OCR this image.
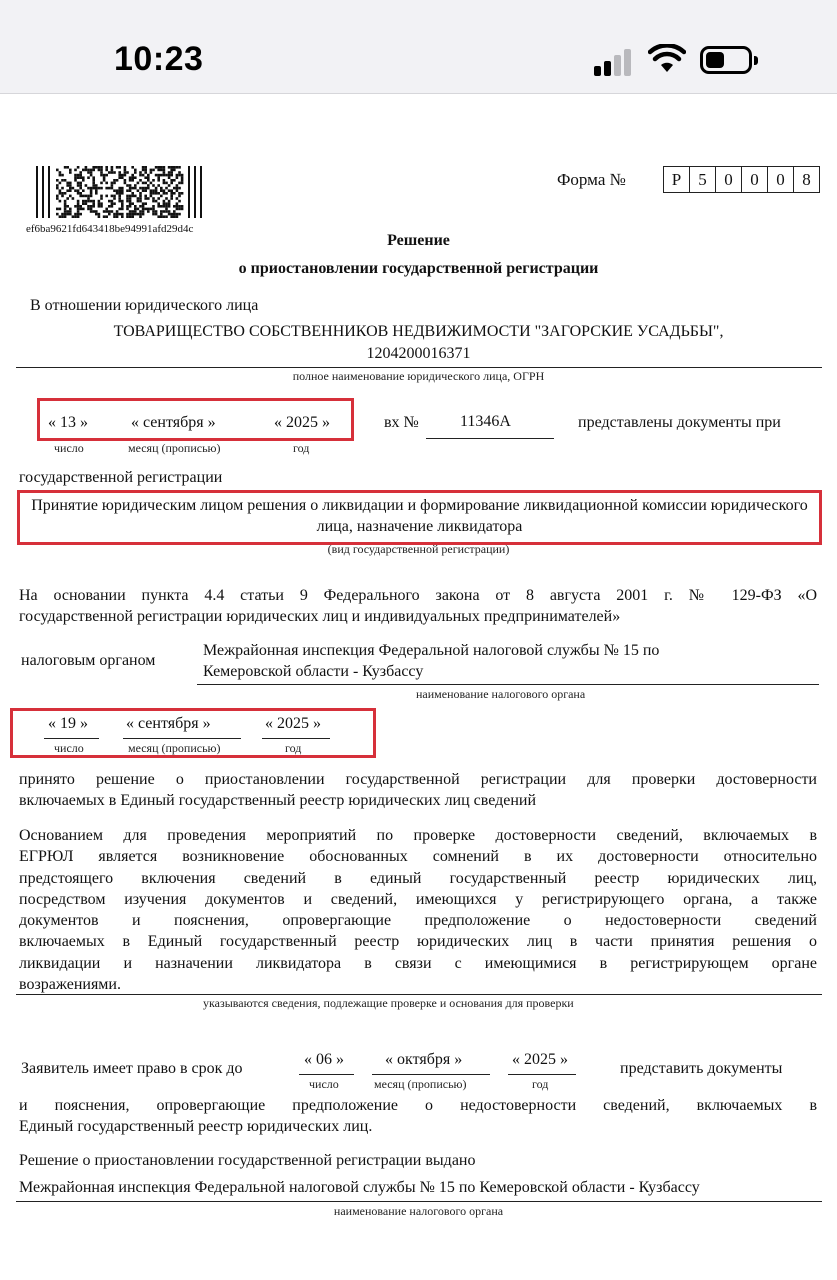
10:23
ef6ba9621fd643418be94991afd29d4c
Форма №	Р	5	0	0	0	8
Решение
о приостановлении государственной регистрации
В отношении юридического лица
ТОВАРИЩЕСТВО СОБСТВЕННИКОВ НЕДВИЖИМОСТИ "ЗАГОРСКИЕ УСАДЬБЫ",
1204200016371
полное наименование юридического лица, ОГРН
« 13 »	« сентября »	« 2025 »
число	месяц (прописью)	год
вх №	11346А	представлены документы при
государственной регистрации
Принятие юридическим лицом решения о ликвидации и формирование ликвидационной комиссии юридического лица, назначение ликвидатора
(вид государственной регистрации)
На основании пункта 4.4 статьи 9 Федерального закона от 8 августа 2001 г. № 129-ФЗ «О
государственной регистрации юридических лиц и индивидуальных предпринимателей»
налоговым органом
Межрайонная инспекция Федеральной налоговой службы № 15 по
Кемеровской области - Кузбассу
наименование налогового органа
« 19 » « сентября »	« 2025 »
число	месяц (прописью)	год
принято решение о приостановлении государственной регистрации для проверки достоверности
включаемых в Единый государственный реестр юридических лиц сведений
Основанием для проведения мероприятий по проверке достоверности сведений, включаемых в
ЕГРЮЛ является возникновение обоснованных сомнений в их достоверности относительно
предстоящего включения сведений в единый государственный реестр юридических лиц,
посредством изучения документов и сведений, имеющихся у регистрирующего органа, а также
документов и пояснения, опровергающие предположение о недостоверности сведений
включаемых в Единый государственный реестр юридических лиц в части принятия решения о
ликвидации и назначении ликвидатора в связи с имеющимися в регистрирующем органе
возражениями.
указываются сведения, подлежащие проверке и основания для проверки
Заявитель имеет право в срок до
« 06 »	« октября »	« 2025 »
число	месяц (прописью)	год
представить документы
и пояснения, опровергающие предположение о недостоверности сведений, включаемых в
Единый государственный реестр юридических лиц.
Решение о приостановлении государственной регистрации выдано
Межрайонная инспекция Федеральной налоговой службы № 15 по Кемеровской области - Кузбассу
наименование налогового органа
